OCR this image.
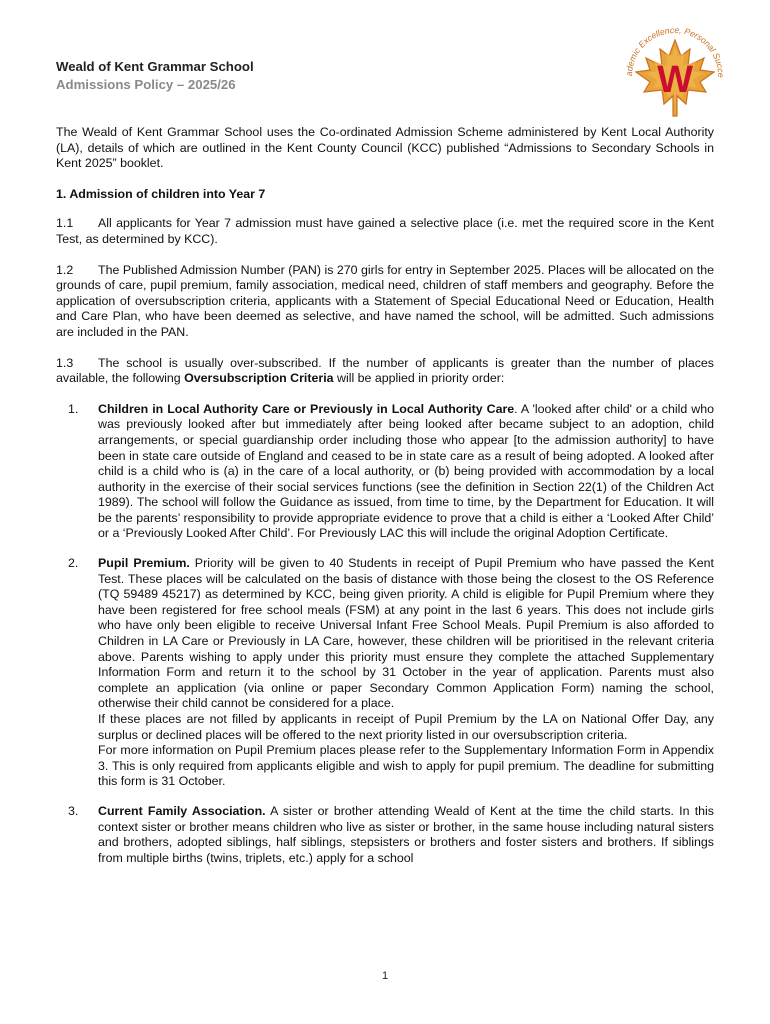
Weald of Kent Grammar School
Admissions Policy – 2025/26
ademic Excellence, Personal Succe
W

The Weald of Kent Grammar School uses the Co-ordinated Admission Scheme administered by Kent Local Authority (LA), details of which are outlined in the Kent County Council (KCC) published “Admissions to Secondary Schools in Kent 2025” booklet.

1. Admission of children into Year 7

1.1 All applicants for Year 7 admission must have gained a selective place (i.e. met the required score in the Kent Test, as determined by KCC).

1.2 The Published Admission Number (PAN) is 270 girls for entry in September 2025. Places will be allocated on the grounds of care, pupil premium, family association, medical need, children of staff members and geography. Before the application of oversubscription criteria, applicants with a Statement of Special Educational Need or Education, Health and Care Plan, who have been deemed as selective, and have named the school, will be admitted. Such admissions are included in the PAN.

1.3 The school is usually over-subscribed. If the number of applicants is greater than the number of places available, the following Oversubscription Criteria will be applied in priority order:

1. Children in Local Authority Care or Previously in Local Authority Care. A 'looked after child' or a child who was previously looked after but immediately after being looked after became subject to an adoption, child arrangements, or special guardianship order including those who appear [to the admission authority] to have been in state care outside of England and ceased to be in state care as a result of being adopted. A looked after child is a child who is (a) in the care of a local authority, or (b) being provided with accommodation by a local authority in the exercise of their social services functions (see the definition in Section 22(1) of the Children Act 1989). The school will follow the Guidance as issued, from time to time, by the Department for Education. It will be the parents’ responsibility to provide appropriate evidence to prove that a child is either a ‘Looked After Child’ or a ‘Previously Looked After Child’. For Previously LAC this will include the original Adoption Certificate.
2. Pupil Premium. Priority will be given to 40 Students in receipt of Pupil Premium who have passed the Kent Test. These places will be calculated on the basis of distance with those being the closest to the OS Reference (TQ 59489 45217) as determined by KCC, being given priority. A child is eligible for Pupil Premium where they have been registered for free school meals (FSM) at any point in the last 6 years. This does not include girls who have only been eligible to receive Universal Infant Free School Meals. Pupil Premium is also afforded to Children in LA Care or Previously in LA Care, however, these children will be prioritised in the relevant criteria above. Parents wishing to apply under this priority must ensure they complete the attached Supplementary Information Form and return it to the school by 31 October in the year of application. Parents must also complete an application (via online or paper Secondary Common Application Form) naming the school, otherwise their child cannot be considered for a place.
If these places are not filled by applicants in receipt of Pupil Premium by the LA on National Offer Day, any surplus or declined places will be offered to the next priority listed in our oversubscription criteria.
For more information on Pupil Premium places please refer to the Supplementary Information Form in Appendix 3. This is only required from applicants eligible and wish to apply for pupil premium. The deadline for submitting this form is 31 October.
3. Current Family Association. A sister or brother attending Weald of Kent at the time the child starts. In this context sister or brother means children who live as sister or brother, in the same house including natural sisters and brothers, adopted siblings, half siblings, stepsisters or brothers and foster sisters and brothers. If siblings from multiple births (twins, triplets, etc.) apply for a school
1
